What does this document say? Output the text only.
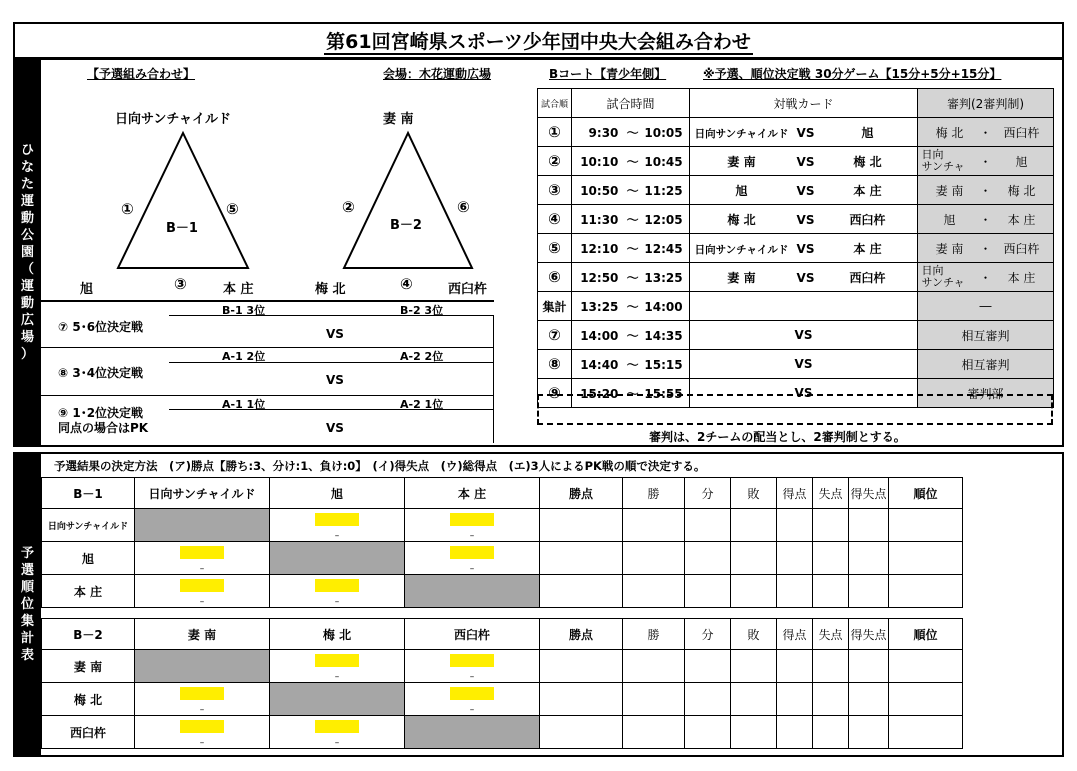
第61回宮崎県スポーツ少年団中央大会組み合わせ
ひ
な
た
運
動
公
園
（
運
動
広
場
）
【予選組み合わせ】	会場：木花運動広場	Bコート【青少年側】	※予選、順位決定戦 30分ゲーム【15分+5分+15分】
日向サンチャイルド
B－1
①	⑤
③
旭	本 庄
妻 南
B－2
②	⑥
④
梅 北	西臼杵
⑦ 5･6位決定戦
B-1 3位	B-2 3位
VS
⑧ 3･4位決定戦
A-1 2位	A-2 2位
VS
⑨ 1･2位決定戦
同点の場合はPK
A-1 1位	A-2 1位
VS
試合順	試合時間	対戦カード	審判(2審判制)
①	9:30 ～ 10:05	日向サンチャイルド VS 旭	梅 北 ・ 西臼杵
②	10:10 ～ 10:45	妻 南 VS 梅 北	日向
サンチャ ・ 旭
③	10:50 ～ 11:25	旭 VS 本 庄	妻 南 ・ 梅 北
④	11:30 ～ 12:05	梅 北 VS 西臼杵	旭 ・ 本 庄
⑤	12:10 ～ 12:45	日向サンチャイルド VS 本 庄	妻 南 ・ 西臼杵
⑥	12:50 ～ 13:25	妻 南 VS 西臼杵	日向
サンチャ ・ 本 庄
集計	13:25 ～ 14:00		―
⑦	14:00 ～ 14:35	VS	相互審判
⑧	14:40 ～ 15:15	VS	相互審判
⑨	15:20 ～ 15:55	VS	審判部
審判は、2チームの配当とし、2審判制とする。
予
選
順
位
集
計
表
予選結果の決定方法　(ア)勝点【勝ち:3、分け:1、負け:0】　(イ)得失点　(ウ)総得点　(エ)3人によるPK戦の順で決定する。
B－1	日向サンチャイルド	旭	本 庄	勝点	勝	分	敗	得点	失点	得失点	順位
日向サンチャイルド		–	–								

旭	–		–								

本 庄	–	–									

B－2	妻 南	梅 北	西臼杵	勝点	勝	分	敗	得点	失点	得失点	順位
妻 南		–	–								

梅 北	–		–								

西臼杵	–	–									
